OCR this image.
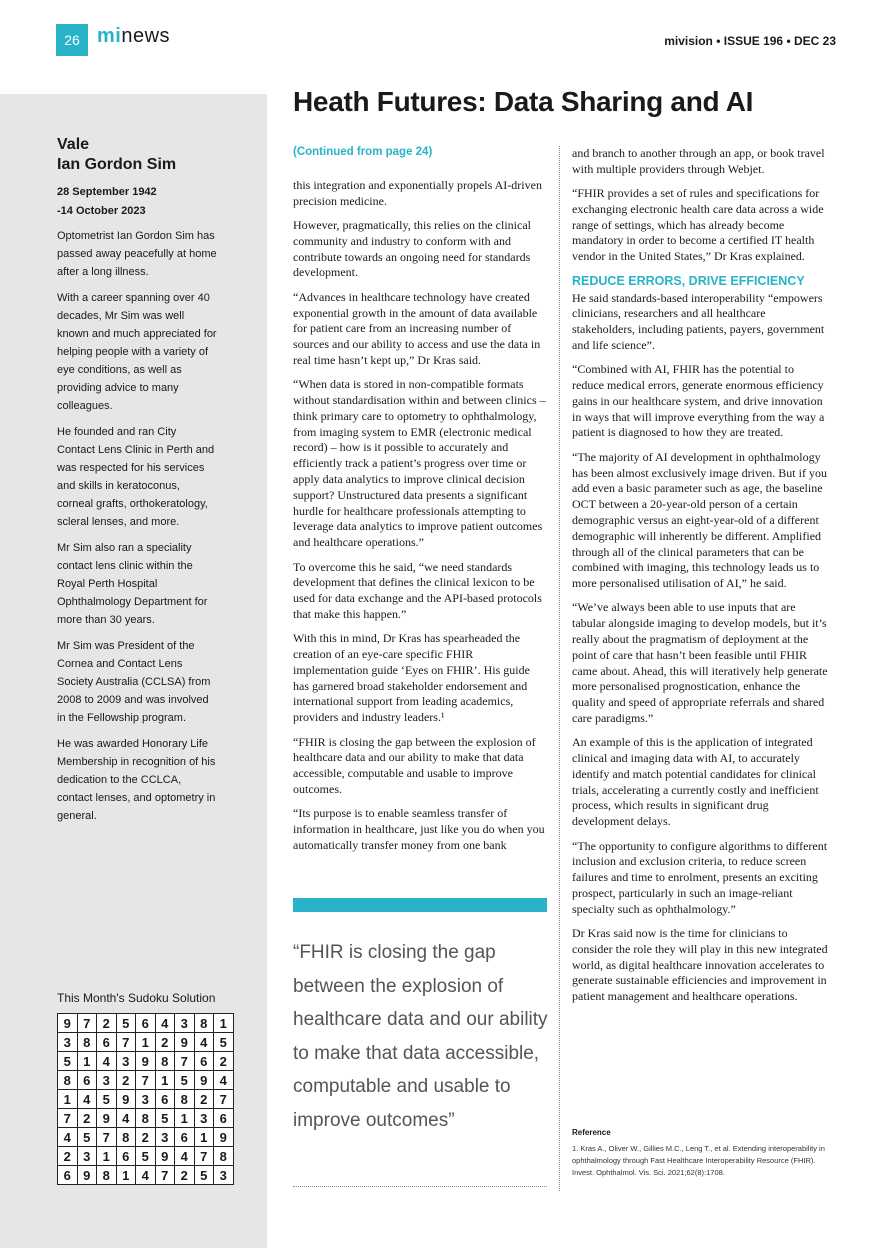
26 minews	mivision • ISSUE 196 • DEC 23
Vale
Ian Gordon Sim
28 September 1942
-14 October 2023

Optometrist Ian Gordon Sim has passed away peacefully at home after a long illness.

With a career spanning over 40 decades, Mr Sim was well known and much appreciated for helping people with a variety of eye conditions, as well as providing advice to many colleagues.

He founded and ran City Contact Lens Clinic in Perth and was respected for his services and skills in keratoconus, corneal grafts, orthokeratology, scleral lenses, and more.

Mr Sim also ran a speciality contact lens clinic within the Royal Perth Hospital Ophthalmology Department for more than 30 years.

Mr Sim was President of the Cornea and Contact Lens Society Australia (CCLSA) from 2008 to 2009 and was involved in the Fellowship program.

He was awarded Honorary Life Membership in recognition of his dedication to the CCLCA, contact lenses, and optometry in general.

This Month's Sudoku Solution
9	7	2	5	6	4	3	8	1
3	8	6	7	1	2	9	4	5
5	1	4	3	9	8	7	6	2
8	6	3	2	7	1	5	9	4
1	4	5	9	3	6	8	2	7
7	2	9	4	8	5	1	3	6
4	5	7	8	2	3	6	1	9
2	3	1	6	5	9	4	7	8
6	9	8	1	4	7	2	5	3
Heath Futures: Data Sharing and AI
(Continued from page 24)

this integration and exponentially propels AI-driven precision medicine.

However, pragmatically, this relies on the clinical community and industry to conform with and contribute towards an ongoing need for standards development.

“Advances in healthcare technology have created exponential growth in the amount of data available for patient care from an increasing number of sources and our ability to access and use the data in real time hasn’t kept up,” Dr Kras said.

“When data is stored in non-compatible formats without standardisation within and between clinics – think primary care to optometry to ophthalmology, from imaging system to EMR (electronic medical record) – how is it possible to accurately and efficiently track a patient’s progress over time or apply data analytics to improve clinical decision support? Unstructured data presents a significant hurdle for healthcare professionals attempting to leverage data analytics to improve patient outcomes and healthcare operations.”

To overcome this he said, “we need standards development that defines the clinical lexicon to be used for data exchange and the API-based protocols that make this happen.”

With this in mind, Dr Kras has spearheaded the creation of an eye-care specific FHIR implementation guide ‘Eyes on FHIR’. His guide has garnered broad stakeholder endorsement and international support from leading academics, providers and industry leaders.¹

“FHIR is closing the gap between the explosion of healthcare data and our ability to make that data accessible, computable and usable to improve outcomes.

“Its purpose is to enable seamless transfer of information in healthcare, just like you do when you automatically transfer money from one bank

“FHIR is closing the gap between the explosion of healthcare data and our ability to make that data accessible, computable and usable to improve outcomes”

and branch to another through an app, or book travel with multiple providers through Webjet.

“FHIR provides a set of rules and specifications for exchanging electronic health care data across a wide range of settings, which has already become mandatory in order to become a certified IT health vendor in the United States,” Dr Kras explained.

REDUCE ERRORS, DRIVE EFFICIENCY

He said standards-based interoperability “empowers clinicians, researchers and all healthcare stakeholders, including patients, payers, government and life science”.

“Combined with AI, FHIR has the potential to reduce medical errors, generate enormous efficiency gains in our healthcare system, and drive innovation in ways that will improve everything from the way a patient is diagnosed to how they are treated.

“The majority of AI development in ophthalmology has been almost exclusively image driven. But if you add even a basic parameter such as age, the baseline OCT between a 20-year-old person of a certain demographic versus an eight-year-old of a different demographic will inherently be different. Amplified through all of the clinical parameters that can be combined with imaging, this technology leads us to more personalised utilisation of AI,” he said.

“We’ve always been able to use inputs that are tabular alongside imaging to develop models, but it’s really about the pragmatism of deployment at the point of care that hasn’t been feasible until FHIR came about. Ahead, this will iteratively help generate more personalised prognostication, enhance the quality and speed of appropriate referrals and shared care paradigms.”

An example of this is the application of integrated clinical and imaging data with AI, to accurately identify and match potential candidates for clinical trials, accelerating a currently costly and inefficient process, which results in significant drug development delays.

“The opportunity to configure algorithms to different inclusion and exclusion criteria, to reduce screen failures and time to enrolment, presents an exciting prospect, particularly in such an image-reliant specialty such as ophthalmology.”

Dr Kras said now is the time for clinicians to consider the role they will play in this new integrated world, as digital healthcare innovation accelerates to generate sustainable efficiencies and improvement in patient management and healthcare operations.

Reference
1. Kras A., Oliver W., Gillies M.C., Leng T., et al. Extending interoperability in ophthalmology through Fast Healthcare Interoperability Resource (FHIR). Invest. Ophthalmol. Vis. Sci. 2021;62(8):1708.
